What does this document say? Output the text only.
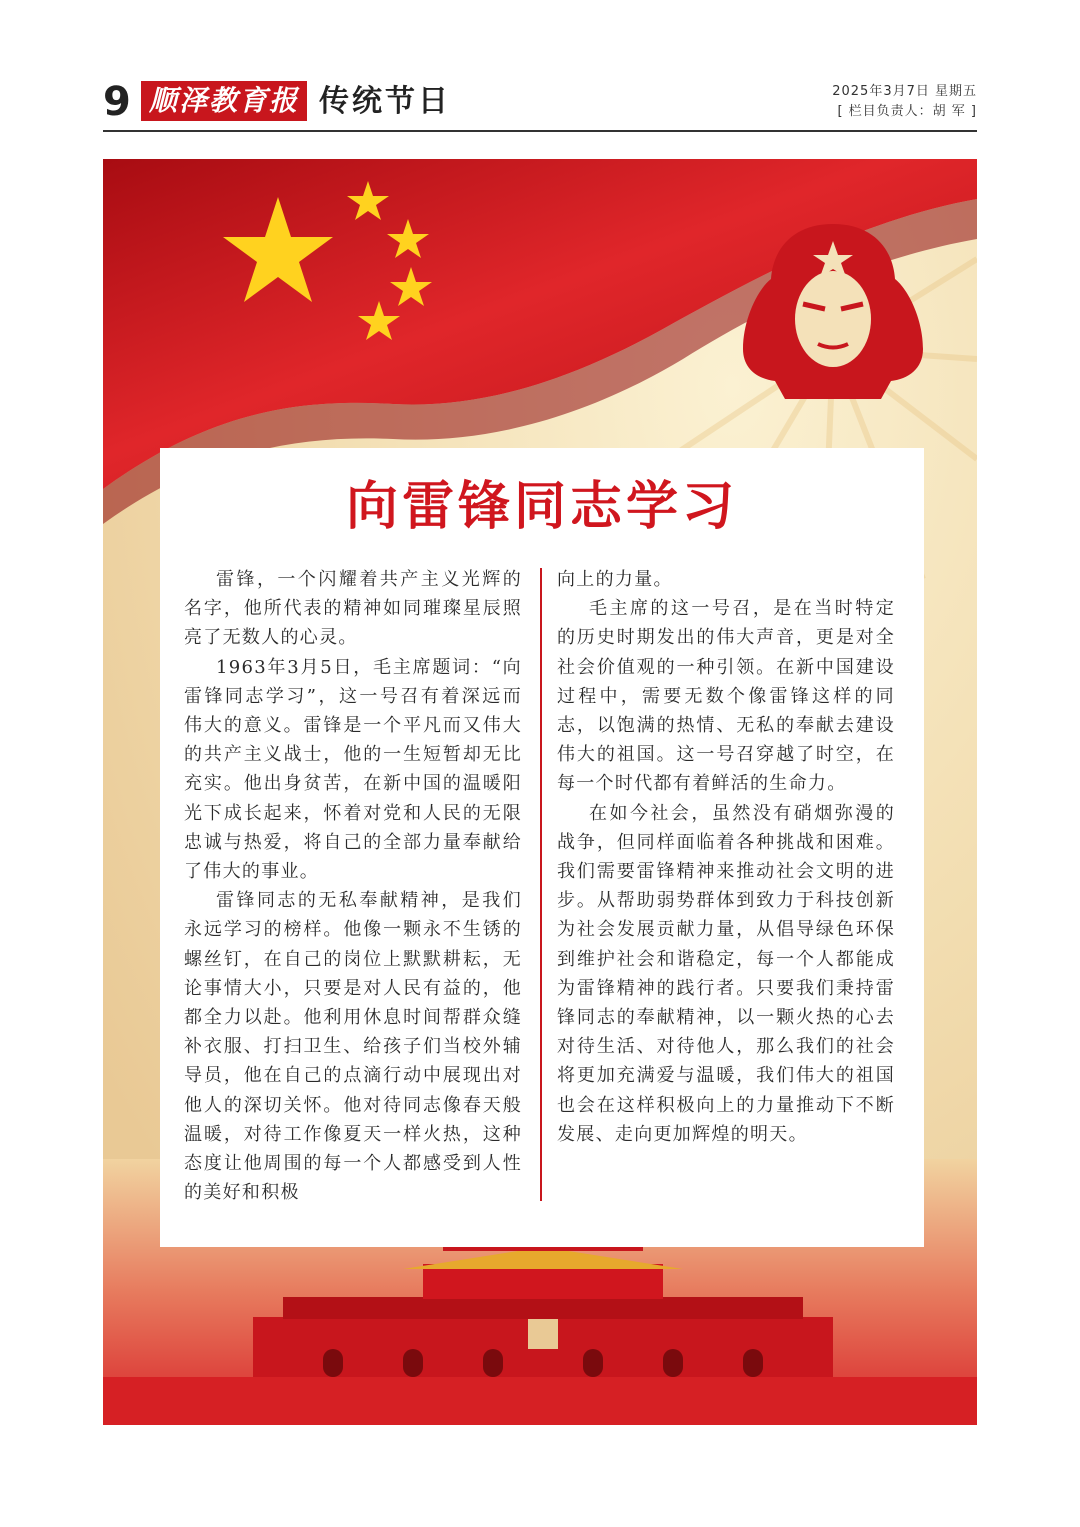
9 顺泽教育报 传统节日	2025年3月7日 星期五
[ 栏目负责人：胡 军 ]
向雷锋同志学习

雷锋，一个闪耀着共产主义光辉的名字，他所代表的精神如同璀璨星辰照亮了无数人的心灵。

1963年3月5日，毛主席题词：“向雷锋同志学习”，这一号召有着深远而伟大的意义。雷锋是一个平凡而又伟大的共产主义战士，他的一生短暂却无比充实。他出身贫苦，在新中国的温暖阳光下成长起来，怀着对党和人民的无限忠诚与热爱，将自己的全部力量奉献给了伟大的事业。

雷锋同志的无私奉献精神，是我们永远学习的榜样。他像一颗永不生锈的螺丝钉，在自己的岗位上默默耕耘，无论事情大小，只要是对人民有益的，他都全力以赴。他利用休息时间帮群众缝补衣服、打扫卫生、给孩子们当校外辅导员，他在自己的点滴行动中展现出对他人的深切关怀。他对待同志像春天般温暖，对待工作像夏天一样火热，这种态度让他周围的每一个人都感受到人性的美好和积极

向上的力量。

毛主席的这一号召，是在当时特定的历史时期发出的伟大声音，更是对全社会价值观的一种引领。在新中国建设过程中，需要无数个像雷锋这样的同志，以饱满的热情、无私的奉献去建设伟大的祖国。这一号召穿越了时空，在每一个时代都有着鲜活的生命力。

在如今社会，虽然没有硝烟弥漫的战争，但同样面临着各种挑战和困难。我们需要雷锋精神来推动社会文明的进步。从帮助弱势群体到致力于科技创新为社会发展贡献力量，从倡导绿色环保到维护社会和谐稳定，每一个人都能成为雷锋精神的践行者。只要我们秉持雷锋同志的奉献精神，以一颗火热的心去对待生活、对待他人，那么我们的社会将更加充满爱与温暖，我们伟大的祖国也会在这样积极向上的力量推动下不断发展、走向更加辉煌的明天。
